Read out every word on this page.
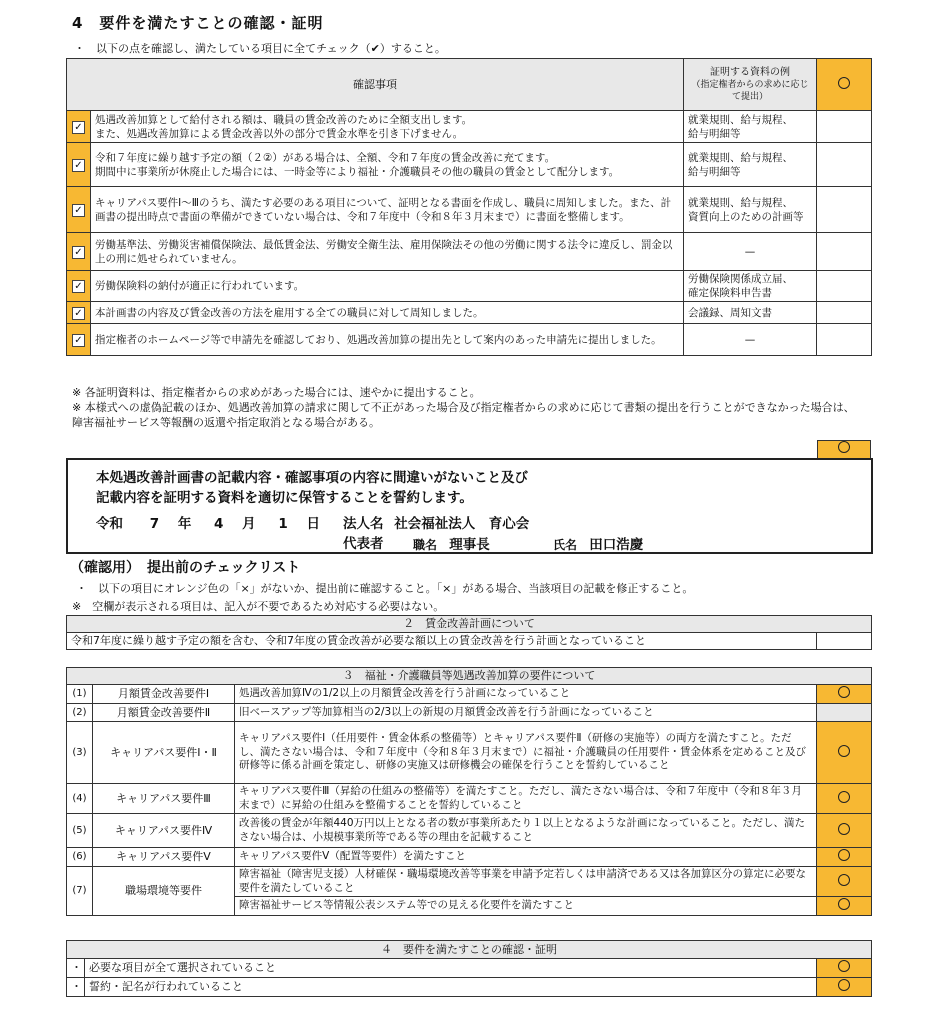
4　要件を満たすことの確認・証明
・　以下の点を確認し、満たしている項目に全てチェック（✔）すること。
確認事項		証明する資料の例
（指定権者からの求めに応じて提出）	

✓	処遇改善加算として給付される額は、職員の賃金改善のために全額支出します。
また、処遇改善加算による賃金改善以外の部分で賃金水準を引き下げません。	就業規則、給与規程、
給与明細等	
✓	令和７年度に繰り越す予定の額（２②）がある場合は、全額、令和７年度の賃金改善に充てます。
期間中に事業所が休廃止した場合には、一時金等により福祉・介護職員その他の職員の賃金として配分します。	就業規則、給与規程、
給与明細等	
✓	キャリアパス要件Ⅰ～Ⅲのうち、満たす必要のある項目について、証明となる書面を作成し、職員に周知しました。また、計画書の提出時点で書面の準備ができていない場合は、令和７年度中（令和８年３月末まで）に書面を整備します。	就業規則、給与規程、
資質向上のための計画等	
✓	労働基準法、労働災害補償保険法、最低賃金法、労働安全衛生法、雇用保険法その他の労働に関する法令に違反し、罰金以上の刑に処せられていません。	—	
✓	労働保険料の納付が適正に行われています。	労働保険関係成立届、
確定保険料申告書	
✓	本計画書の内容及び賃金改善の方法を雇用する全ての職員に対して周知しました。	会議録、周知文書	
✓	指定権者のホームページ等で申請先を確認しており、処遇改善加算の提出先として案内のあった申請先に提出しました。	—	
※ 各証明資料は、指定権者からの求めがあった場合には、速やかに提出すること。
※ 本様式への虚偽記載のほか、処遇改善加算の請求に関して不正があった場合及び指定権者からの求めに応じて書類の提出を行うことができなかった場合は、障害福祉サービス等報酬の返還や指定取消となる場合がある。
本処遇改善計画書の記載内容・確認事項の内容に間違いがないこと及び
記載内容を証明する資料を適切に保管することを誓約します。
令和 7 年 4 月 1 日 法人名 社会福祉法人　育心会
代表者 職名 理事長	氏名 田口浩慶
（確認用）　提出前のチェックリスト
・　以下の項目にオレンジ色の「×」がないか、提出前に確認すること。「×」がある場合、当該項目の記載を修正すること。
※　空欄が表示される項目は、記入が不要であるため対応する必要はない。
２　賃金改善計画について
令和7年度に繰り越す予定の額を含む、令和7年度の賃金改善が必要な額以上の賃金改善を行う計画となっていること	
３　福祉・介護職員等処遇改善加算の要件について			
(1)	月額賃金改善要件Ⅰ	処遇改善加算Ⅳの1/2以上の月額賃金改善を行う計画になっていること	
(2)	月額賃金改善要件Ⅱ	旧ベースアップ等加算相当の2/3以上の新規の月額賃金改善を行う計画になっていること	
(3)	キャリアパス要件Ⅰ・Ⅱ	キャリアパス要件Ⅰ（任用要件・賃金体系の整備等）とキャリアパス要件Ⅱ（研修の実施等）の両方を満たすこと。ただし、満たさない場合は、令和７年度中（令和８年３月末まで）に福祉・介護職員の任用要件・賃金体系を定めること及び研修等に係る計画を策定し、研修の実施又は研修機会の確保を行うことを誓約していること	
(4)	キャリアパス要件Ⅲ	キャリアパス要件Ⅲ（昇給の仕組みの整備等）を満たすこと。ただし、満たさない場合は、令和７年度中（令和８年３月末まで）に昇給の仕組みを整備することを誓約していること	
(5)	キャリアパス要件Ⅳ	改善後の賃金が年額440万円以上となる者の数が事業所あたり１以上となるような計画になっていること。ただし、満たさない場合は、小規模事業所等である等の理由を記載すること	
(6)	キャリアパス要件Ⅴ	キャリアパス要件Ⅴ（配置等要件）を満たすこと	
(7)	職場環境等要件	障害福祉（障害児支援）人材確保・職場環境改善等事業を申請予定若しくは申請済である又は各加算区分の算定に必要な要件を満たしていること	
		障害福祉サービス等情報公表システム等での見える化要件を満たすこと	
４　要件を満たすことの確認・証明		
・	必要な項目が全て選択されていること	
・	誓約・記名が行われていること	
